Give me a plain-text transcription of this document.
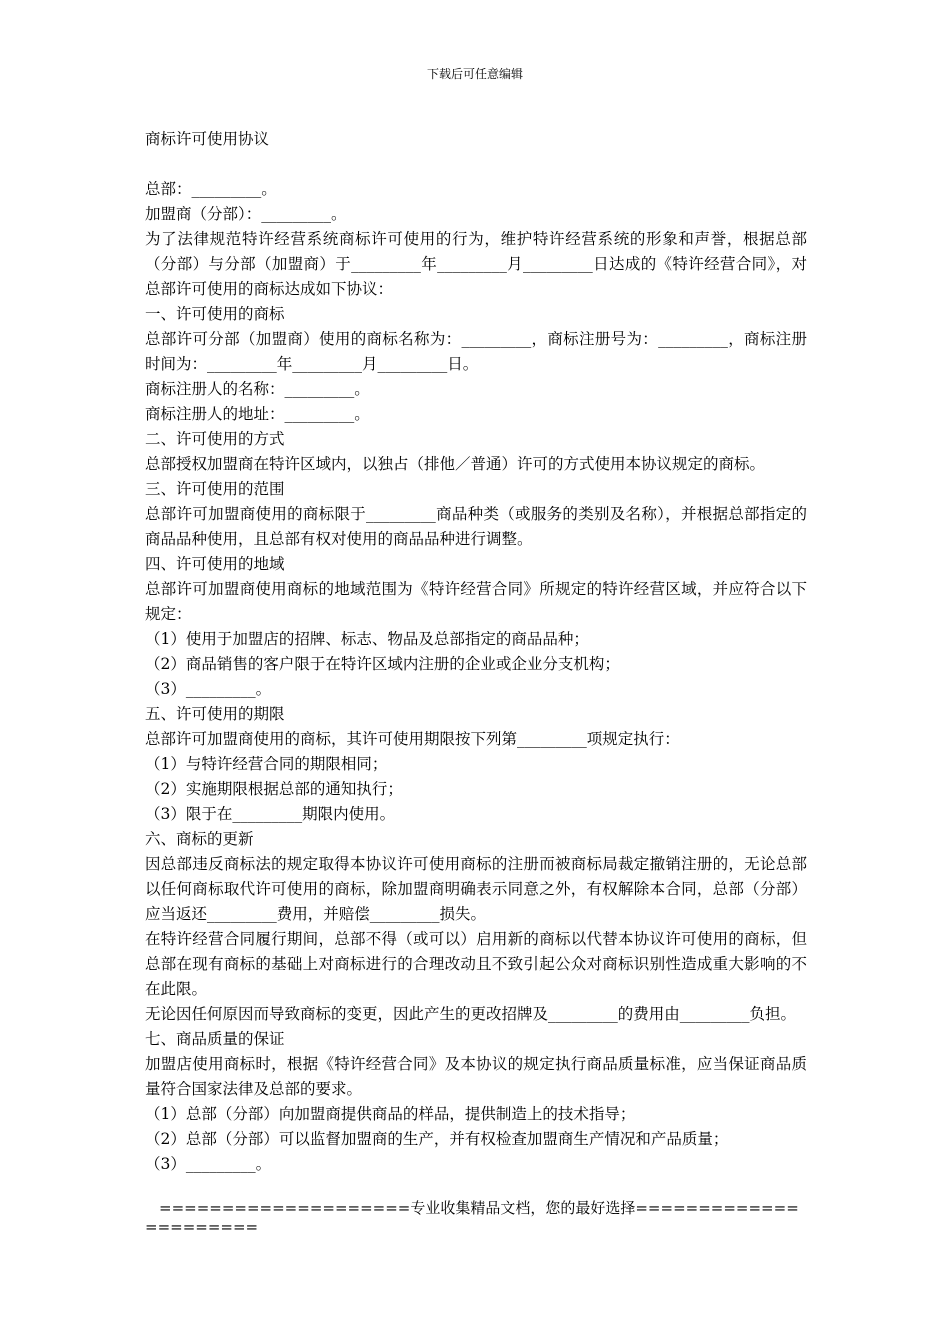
下载后可任意编辑
商标许可使用协议

总部：_________。

加盟商（分部）：_________。

为了法律规范特许经营系统商标许可使用的行为，维护特许经营系统的形象和声誉，根据总部（分部）与分部（加盟商）于_________年_________月_________日达成的《特许经营合同》，对总部许可使用的商标达成如下协议：

一、许可使用的商标

总部许可分部（加盟商）使用的商标名称为：_________，商标注册号为：_________，商标注册时间为：_________年_________月_________日。

商标注册人的名称：_________。

商标注册人的地址：_________。

二、许可使用的方式

总部授权加盟商在特许区域内，以独占（排他／普通）许可的方式使用本协议规定的商标。

三、许可使用的范围

总部许可加盟商使用的商标限于_________商品种类（或服务的类别及名称），并根据总部指定的商品品种使用，且总部有权对使用的商品品种进行调整。

四、许可使用的地域

总部许可加盟商使用商标的地域范围为《特许经营合同》所规定的特许经营区域，并应符合以下规定：

（1）使用于加盟店的招牌、标志、物品及总部指定的商品品种；

（2）商品销售的客户限于在特许区域内注册的企业或企业分支机构；

（3）_________。

五、许可使用的期限

总部许可加盟商使用的商标，其许可使用期限按下列第_________项规定执行：

（1）与特许经营合同的期限相同；

（2）实施期限根据总部的通知执行；

（3）限于在_________期限内使用。

六、商标的更新

因总部违反商标法的规定取得本协议许可使用商标的注册而被商标局裁定撤销注册的，无论总部以任何商标取代许可使用的商标，除加盟商明确表示同意之外，有权解除本合同，总部（分部）应当返还_________费用，并赔偿_________损失。

在特许经营合同履行期间，总部不得（或可以）启用新的商标以代替本协议许可使用的商标，但总部在现有商标的基础上对商标进行的合理改动且不致引起公众对商标识别性造成重大影响的不在此限。

无论因任何原因而导致商标的变更，因此产生的更改招牌及_________的费用由_________负担。

七、商品质量的保证

加盟店使用商标时，根据《特许经营合同》及本协议的规定执行商品质量标准，应当保证商品质量符合国家法律及总部的要求。

（1）总部（分部）向加盟商提供商品的样品，提供制造上的技术指导；

（2）总部（分部）可以监督加盟商的生产，并有权检查加盟商生产情况和产品质量；

（3）_________。

====================专业收集精品文档，您的最好选择======================
